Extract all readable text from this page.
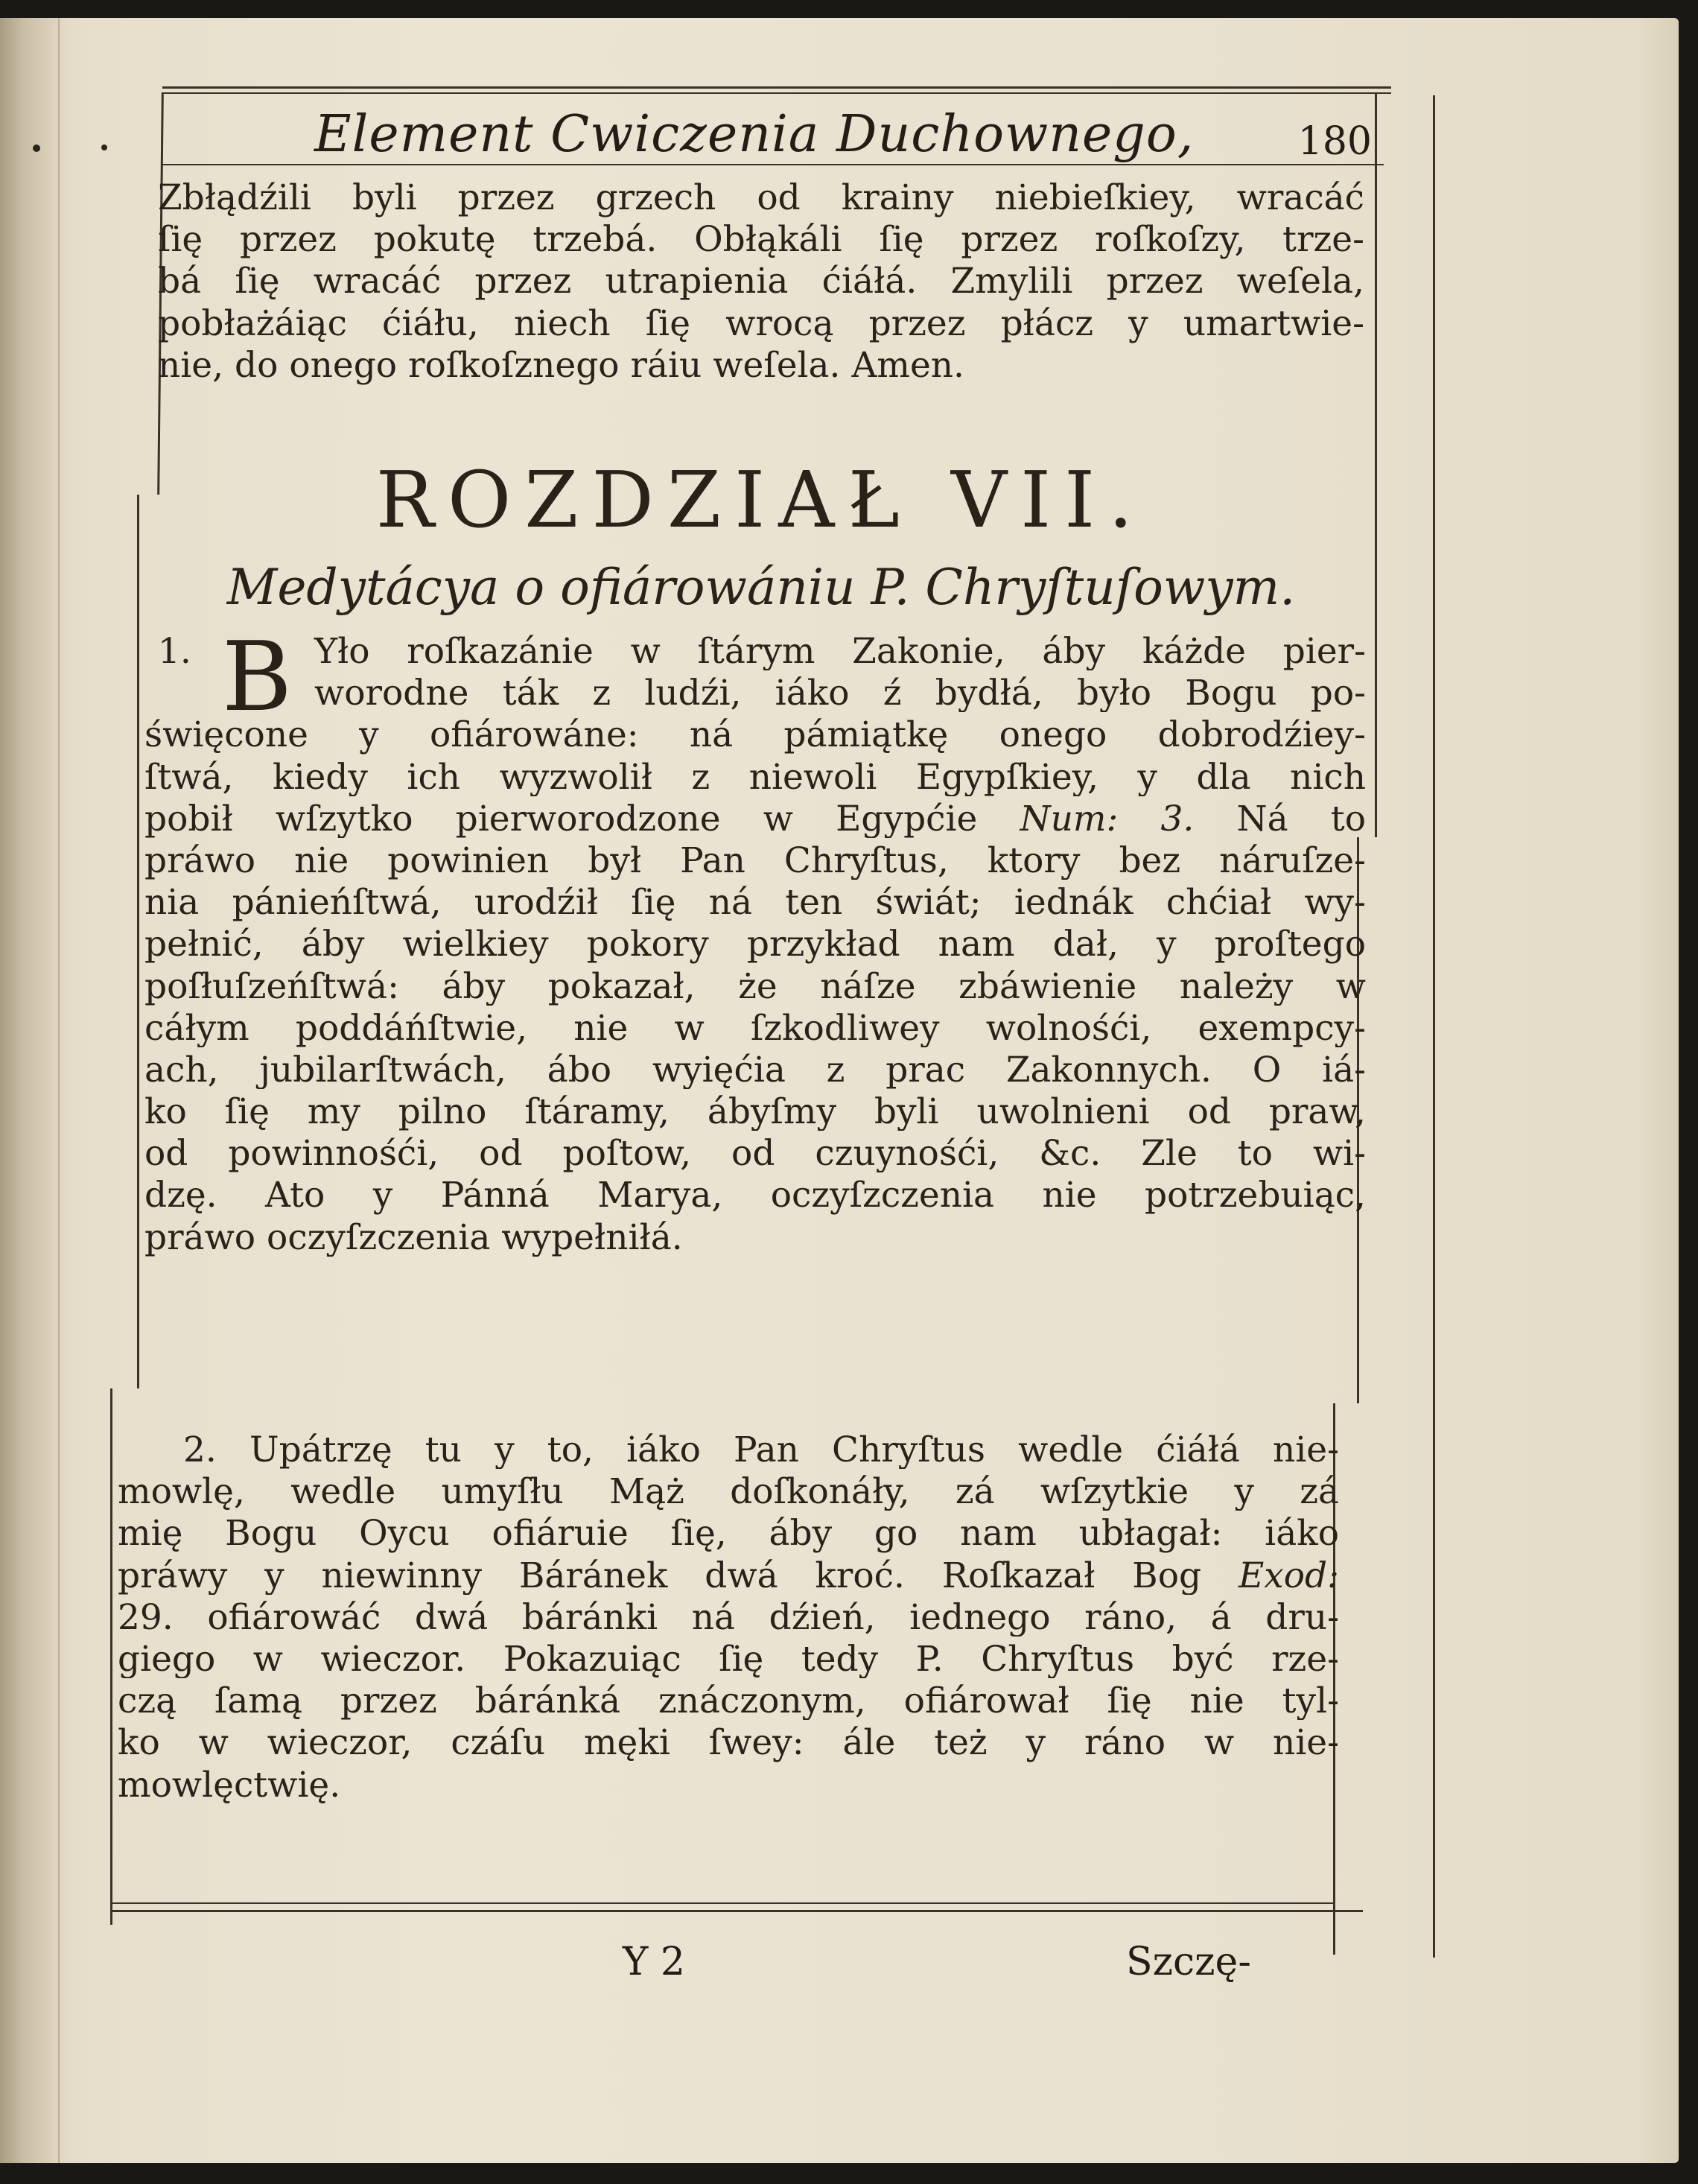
Element Cwiczenia Duchownego,	180
Zbłądźili byli przez grzech od krainy niebieſkiey, wracáć
ſię przez pokutę trzebá. Obłąkáli ſię przez roſkoſzy, trze-
bá ſię wracáć przez utrapienia ćiáłá. Zmylili przez weſela,
pobłażáiąc ćiáłu, niech ſię wrocą przez płácz y umartwie-
nie, do onego roſkoſznego ráiu weſela. Amen.
ROZDZIAŁ VII.
Medytácya o ofiárowániu P. Chryſtuſowym.
1. B Yło roſkazánie w ſtárym Zakonie, áby káżde pier-
worodne ták z ludźi, iáko ź bydłá, było Bogu po-
święcone y ofiárowáne: ná pámiątkę onego dobrodźiey-
ſtwá, kiedy ich wyzwolił z niewoli Egypſkiey, y dla nich
pobił wſzytko pierworodzone w Egypćie Num: 3. Ná to
práwo nie powinien był Pan Chryſtus, ktory bez náruſze-
nia pánieńſtwá, urodźił ſię ná ten świát; iednák chćiał wy-
pełnić, áby wielkiey pokory przykład nam dał, y proſtego
poſłuſzeńſtwá: áby pokazał, że náſze zbáwienie należy w
cáłym poddáńſtwie, nie w ſzkodliwey wolnośći, exempcy-
ach, jubilarſtwách, ábo wyięćia z prac Zakonnych. O iá-
ko ſię my pilno ſtáramy, ábyſmy byli uwolnieni od praw,
od powinnośći, od poſtow, od czuynośći, &c. Zle to wi-
dzę. Ato y Pánná Marya, oczyſzczenia nie potrzebuiąc,
práwo oczyſzczenia wypełniłá.
2. Upátrzę tu y to, iáko Pan Chryſtus wedle ćiáłá nie-
mowlę, wedle umyſłu Mąż doſkonáły, zá wſzytkie y zá
mię Bogu Oycu ofiáruie ſię, áby go nam ubłagał: iáko
práwy y niewinny Báránek dwá kroć. Roſkazał Bog Exod:
29. ofiárowáć dwá báránki ná dźień, iednego ráno, á dru-
giego w wieczor. Pokazuiąc ſię tedy P. Chryſtus być rze-
czą ſamą przez báránká znáczonym, ofiárował ſię nie tyl-
ko w wieczor, czáſu męki ſwey: ále też y ráno w nie-
mowlęctwię.
Y 2	Szczę-
